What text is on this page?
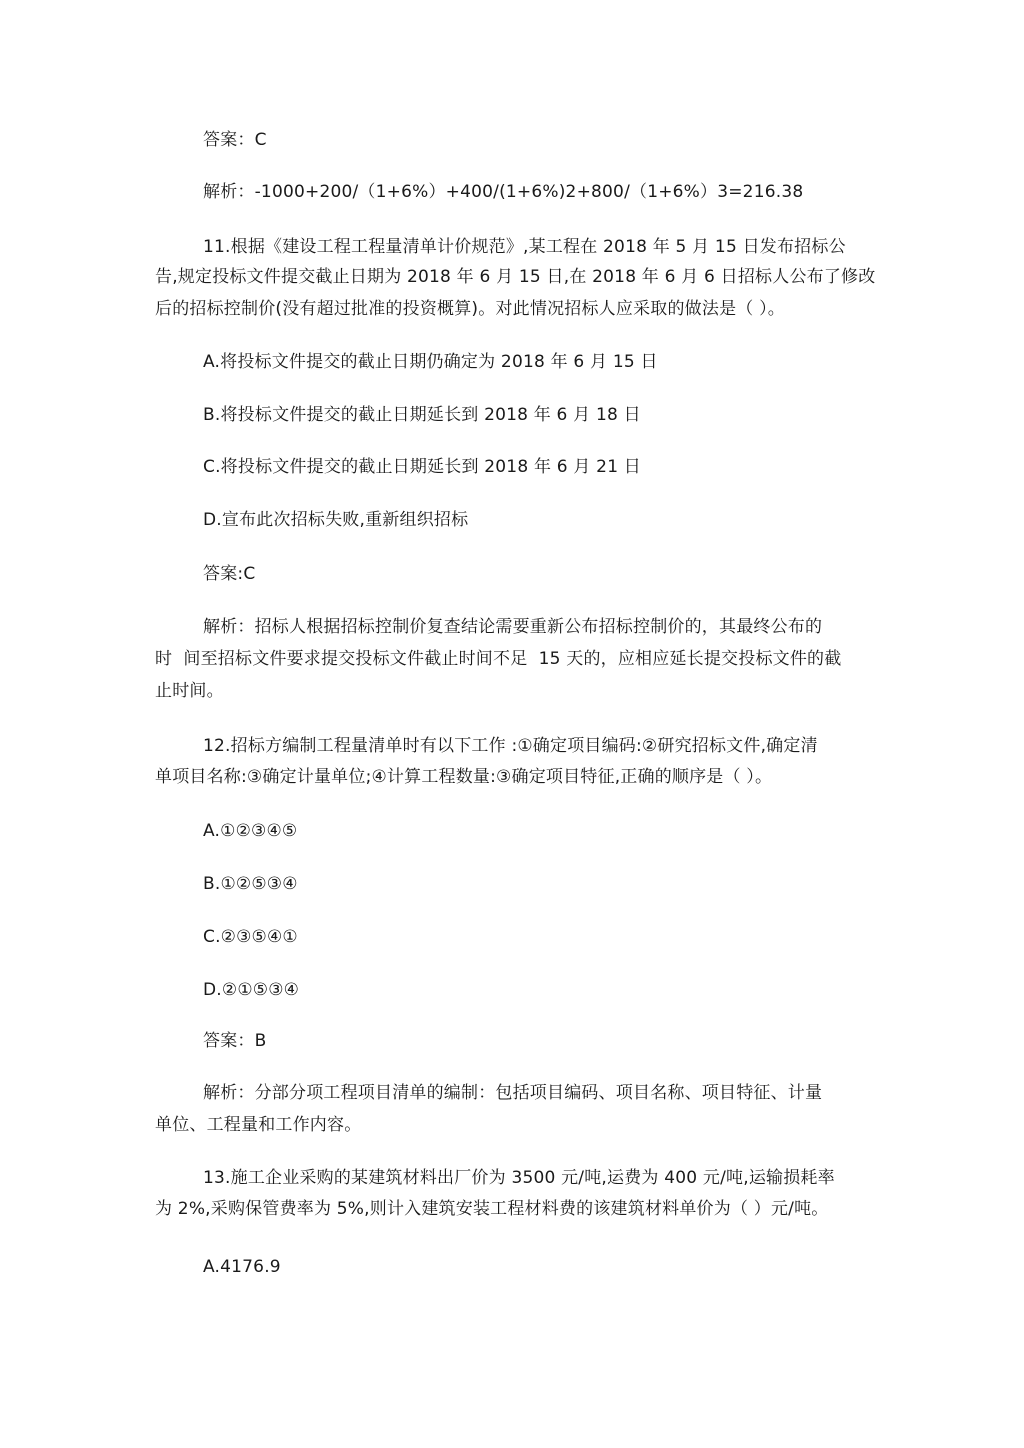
答案：C
解析：-1000+200/（1+6%）+400/(1+6%)2+800/（1+6%）3=216.38
11.根据《建设工程工程量清单计价规范》,某工程在 2018 年 5 月 15 日发布招标公
告,规定投标文件提交截止日期为 2018 年 6 月 15 日,在 2018 年 6 月 6 日招标人公布了修改
后的招标控制价(没有超过批准的投资概算)。对此情况招标人应采取的做法是（ ）。
A.将投标文件提交的截止日期仍确定为 2018 年 6 月 15 日
B.将投标文件提交的截止日期延长到 2018 年 6 月 18 日
C.将投标文件提交的截止日期延长到 2018 年 6 月 21 日
D.宣布此次招标失败,重新组织招标
答案:C
解析：招标人根据招标控制价复查结论需要重新公布招标控制价的，其最终公布的
时  间至招标文件要求提交投标文件截止时间不足  15 天的，应相应延长提交投标文件的截
止时间。
12.招标方编制工程量清单时有以下工作 :①确定项目编码:②研究招标文件,确定清
单项目名称:③确定计量单位;④计算工程数量:③确定项目特征,正确的顺序是（ ）。
A.①②③④⑤
B.①②⑤③④
C.②③⑤④①
D.②①⑤③④
答案：B
解析：分部分项工程项目清单的编制：包括项目编码、项目名称、项目特征、计量
单位、工程量和工作内容。
13.施工企业采购的某建筑材料出厂价为 3500 元/吨,运费为 400 元/吨,运输损耗率
为 2%,采购保管费率为 5%,则计入建筑安装工程材料费的该建筑材料单价为（ ）元/吨。
A.4176.9
